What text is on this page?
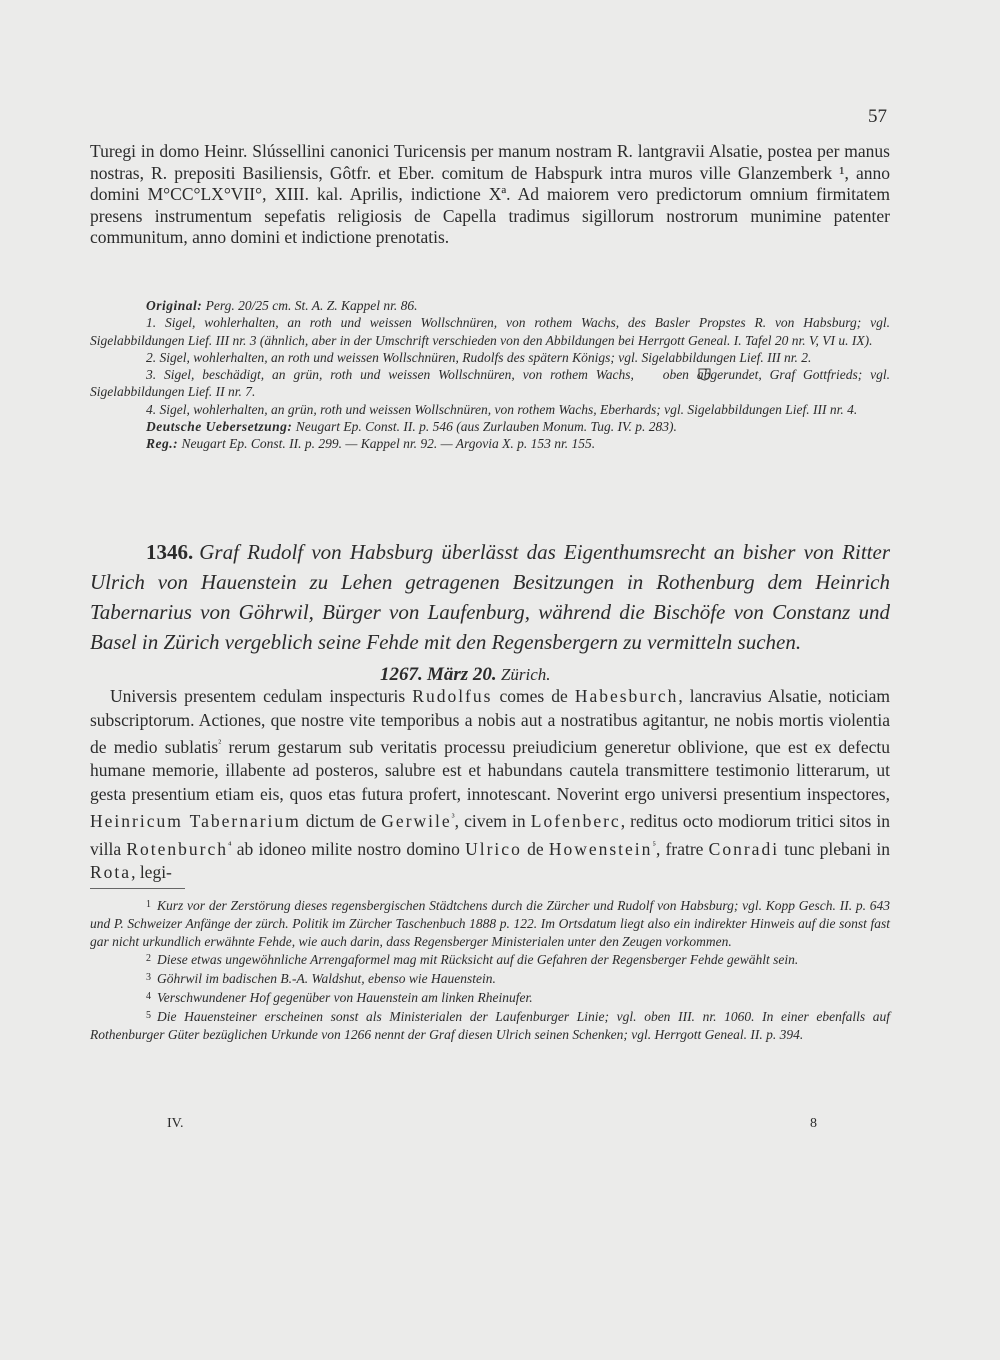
57

Turegi in domo Heinr. Slússellini canonici Turicensis per manum nostram R. lantgravii Alsatie, postea per manus nostras, R. prepositi Basiliensis, Gôtfr. et Eber. comitum de Habspurk intra muros ville Glanzemberk ¹, anno domini M°CC°LX°VII°, XIII. kal. Aprilis, indictione Xª. Ad maiorem vero predictorum omnium firmitatem presens instrumentum sepefatis religiosis de Capella tradimus sigillorum nostrorum munimine patenter communitum, anno domini et indictione prenotatis.

Original: Perg. 20/25 cm. St. A. Z. Kappel nr. 86.

1. Sigel, wohlerhalten, an roth und weissen Wollschnüren, von rothem Wachs, des Basler Propstes R. von Habsburg; vgl. Sigelabbildungen Lief. III nr. 3 (ähnlich, aber in der Umschrift verschieden von den Abbildungen bei Herrgott Geneal. I. Tafel 20 nr. V, VI u. IX).

2. Sigel, wohlerhalten, an roth und weissen Wollschnüren, Rudolfs des spätern Königs; vgl. Sigelabbildungen Lief. III nr. 2.

3. Sigel, beschädigt, an grün, roth und weissen Wollschnüren, von rothem Wachs, oben abgerundet, Graf Gottfrieds; vgl. Sigelabbildungen Lief. II nr. 7.

4. Sigel, wohlerhalten, an grün, roth und weissen Wollschnüren, von rothem Wachs, Eberhards; vgl. Sigelabbildungen Lief. III nr. 4.

Deutsche Uebersetzung: Neugart Ep. Const. II. p. 546 (aus Zurlauben Monum. Tug. IV. p. 283).

Reg.: Neugart Ep. Const. II. p. 299. — Kappel nr. 92. — Argovia X. p. 153 nr. 155.

1346. Graf Rudolf von Habsburg überlässt das Eigenthumsrecht an bisher von Ritter Ulrich von Hauenstein zu Lehen getragenen Besitzungen in Rothenburg dem Heinrich Tabernarius von Göhrwil, Bürger von Laufenburg, während die Bischöfe von Constanz und Basel in Zürich vergeblich seine Fehde mit den Regensbergern zu vermitteln suchen.

1267. März 20. Zürich.

Universis presentem cedulam inspecturis Rudolfus comes de Habesburch, lancravius Alsatie, noticiam subscriptorum. Actiones, que nostre vite temporibus a nobis aut a nostratibus agitantur, ne nobis mortis violentia de medio sublatis$^{^2}$ rerum gestarum sub veritatis processu preiudicium generetur oblivione, que est ex defectu humane memorie, illabente ad posteros, salubre est et habundans cautela transmittere testimonio litterarum, ut gesta presentium etiam eis, quos etas futura profert, innotescant. Noverint ergo universi presentium inspectores, Heinricum Tabernarium dictum de Gerwile$^{^3}$, civem in Lofenberc, reditus octo modiorum tritici sitos in villa Rotenburch$^{^4}$ ab idoneo milite nostro domino Ulrico de Howenstein$^{^5}$, fratre Conradi tunc plebani in Rota, legi-

$^1$ Kurz vor der Zerstörung dieses regensbergischen Städtchens durch die Zürcher und Rudolf von Habsburg; vgl. Kopp Gesch. II. p. 643 und P. Schweizer Anfänge der zürch. Politik im Zürcher Taschenbuch 1888 p. 122. Im Ortsdatum liegt also ein indirekter Hinweis auf die sonst fast gar nicht urkundlich erwähnte Fehde, wie auch darin, dass Regensberger Ministerialen unter den Zeugen vorkommen.

$^2$ Diese etwas ungewöhnliche Arrengaformel mag mit Rücksicht auf die Gefahren der Regensberger Fehde gewählt sein.

$^3$ Göhrwil im badischen B.-A. Waldshut, ebenso wie Hauenstein.

$^4$ Verschwundener Hof gegenüber von Hauenstein am linken Rheinufer.

$^5$ Die Hauensteiner erscheinen sonst als Ministerialen der Laufenburger Linie; vgl. oben III. nr. 1060. In einer ebenfalls auf Rothenburger Güter bezüglichen Urkunde von 1266 nennt der Graf diesen Ulrich seinen Schenken; vgl. Herrgott Geneal. II. p. 394.

IV.	8
